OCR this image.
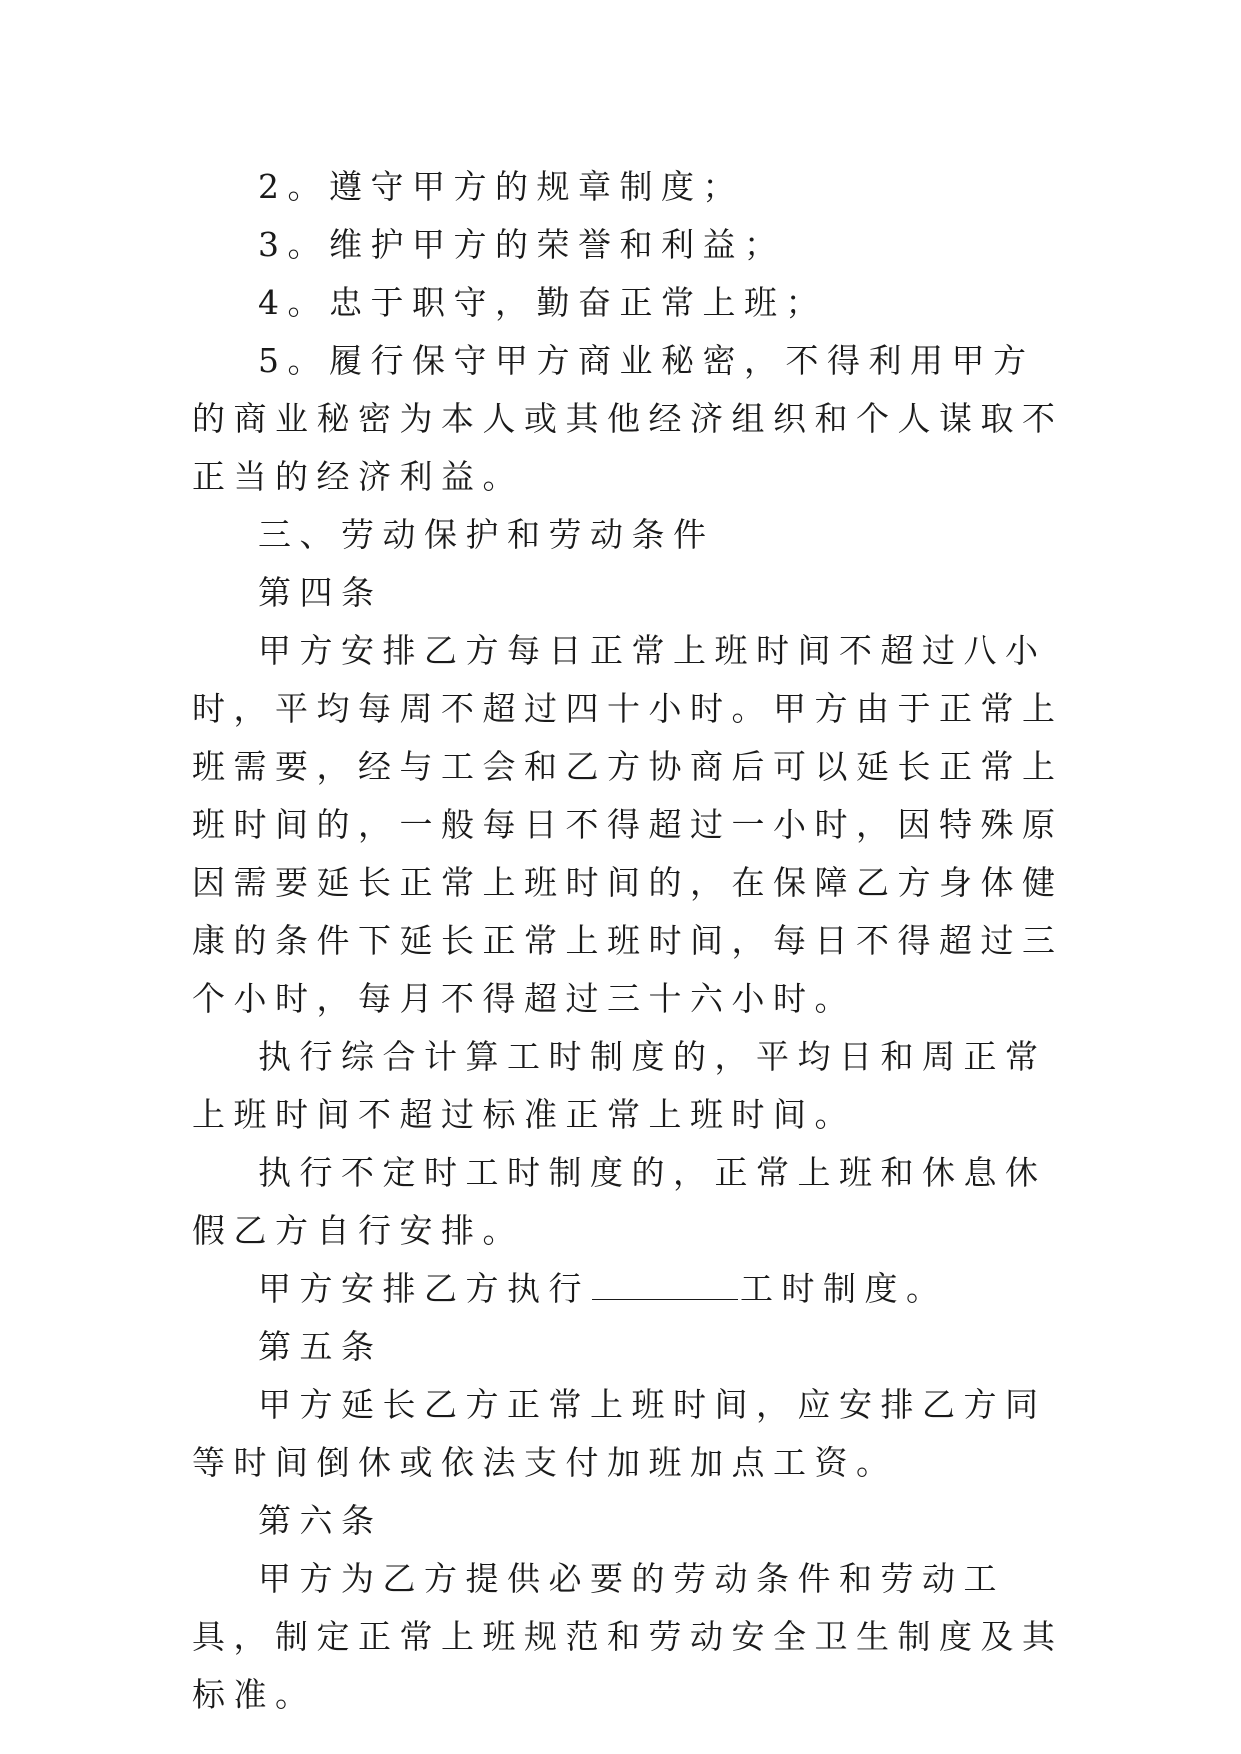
2。遵守甲方的规章制度；

3。维护甲方的荣誉和利益；

4。忠于职守，勤奋正常上班；

5。履行保守甲方商业秘密，不得利用甲方的商业秘密为本人或其他经济组织和个人谋取不正当的经济利益。

三、劳动保护和劳动条件

第四条

甲方安排乙方每日正常上班时间不超过八小时，平均每周不超过四十小时。甲方由于正常上班需要，经与工会和乙方协商后可以延长正常上班时间的，一般每日不得超过一小时，因特殊原因需要延长正常上班时间的，在保障乙方身体健康的条件下延长正常上班时间，每日不得超过三个小时，每月不得超过三十六小时。

执行综合计算工时制度的，平均日和周正常上班时间不超过标准正常上班时间。

执行不定时工时制度的，正常上班和休息休假乙方自行安排。

甲方安排乙方执行	工时制度。

第五条

甲方延长乙方正常上班时间，应安排乙方同等时间倒休或依法支付加班加点工资。

第六条

甲方为乙方提供必要的劳动条件和劳动工具，制定正常上班规范和劳动安全卫生制度及其标准。
